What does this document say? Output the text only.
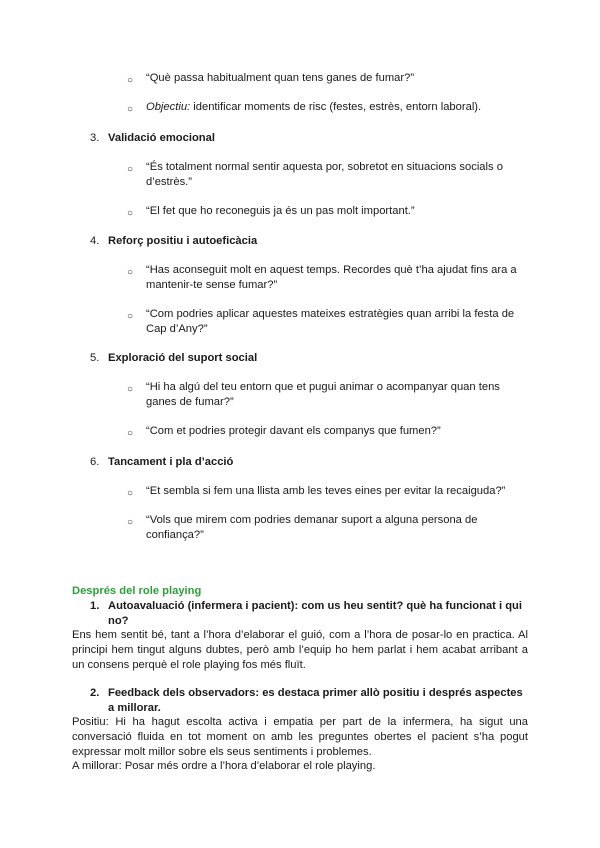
○ “Què passa habitualment quan tens ganes de fumar?”
○ Objectiu: identificar moments de risc (festes, estrès, entorn laboral).
3. Validació emocional
○ “És totalment normal sentir aquesta por, sobretot en situacions socials o d’estrès.”
○ “El fet que ho reconeguis ja és un pas molt important.”
4. Reforç positiu i autoeficàcia
○ “Has aconseguit molt en aquest temps. Recordes què t’ha ajudat fins ara a mantenir-te sense fumar?”
○ “Com podries aplicar aquestes mateixes estratègies quan arribi la festa de Cap d’Any?”
5. Exploració del suport social
○ “Hi ha algú del teu entorn que et pugui animar o acompanyar quan tens ganes de fumar?”
○ “Com et podries protegir davant els companys que fumen?”
6. Tancament i pla d’acció
○ “Et sembla si fem una llista amb les teves eines per evitar la recaiguda?”
○ “Vols que mirem com podries demanar suport a alguna persona de confiança?”
Després del role playing
1. Autoavaluació (infermera i pacient): com us heu sentit? què ha funcionat i qui no?
Ens hem sentit bé, tant a l’hora d’elaborar el guió, com a l’hora de posar-lo en practica. Al principi hem tingut alguns dubtes, però amb l’equip ho hem parlat i hem acabat arribant a un consens perquè el role playing fos més fluït.
2. Feedback dels observadors: es destaca primer allò positiu i després aspectes a millorar.
Positiu: Hi ha hagut escolta activa i empatia per part de la infermera, ha sigut una conversació fluida en tot moment on amb les preguntes obertes el pacient s’ha pogut expressar molt millor sobre els seus sentiments i problemes.
A millorar: Posar més ordre a l’hora d’elaborar el role playing.
